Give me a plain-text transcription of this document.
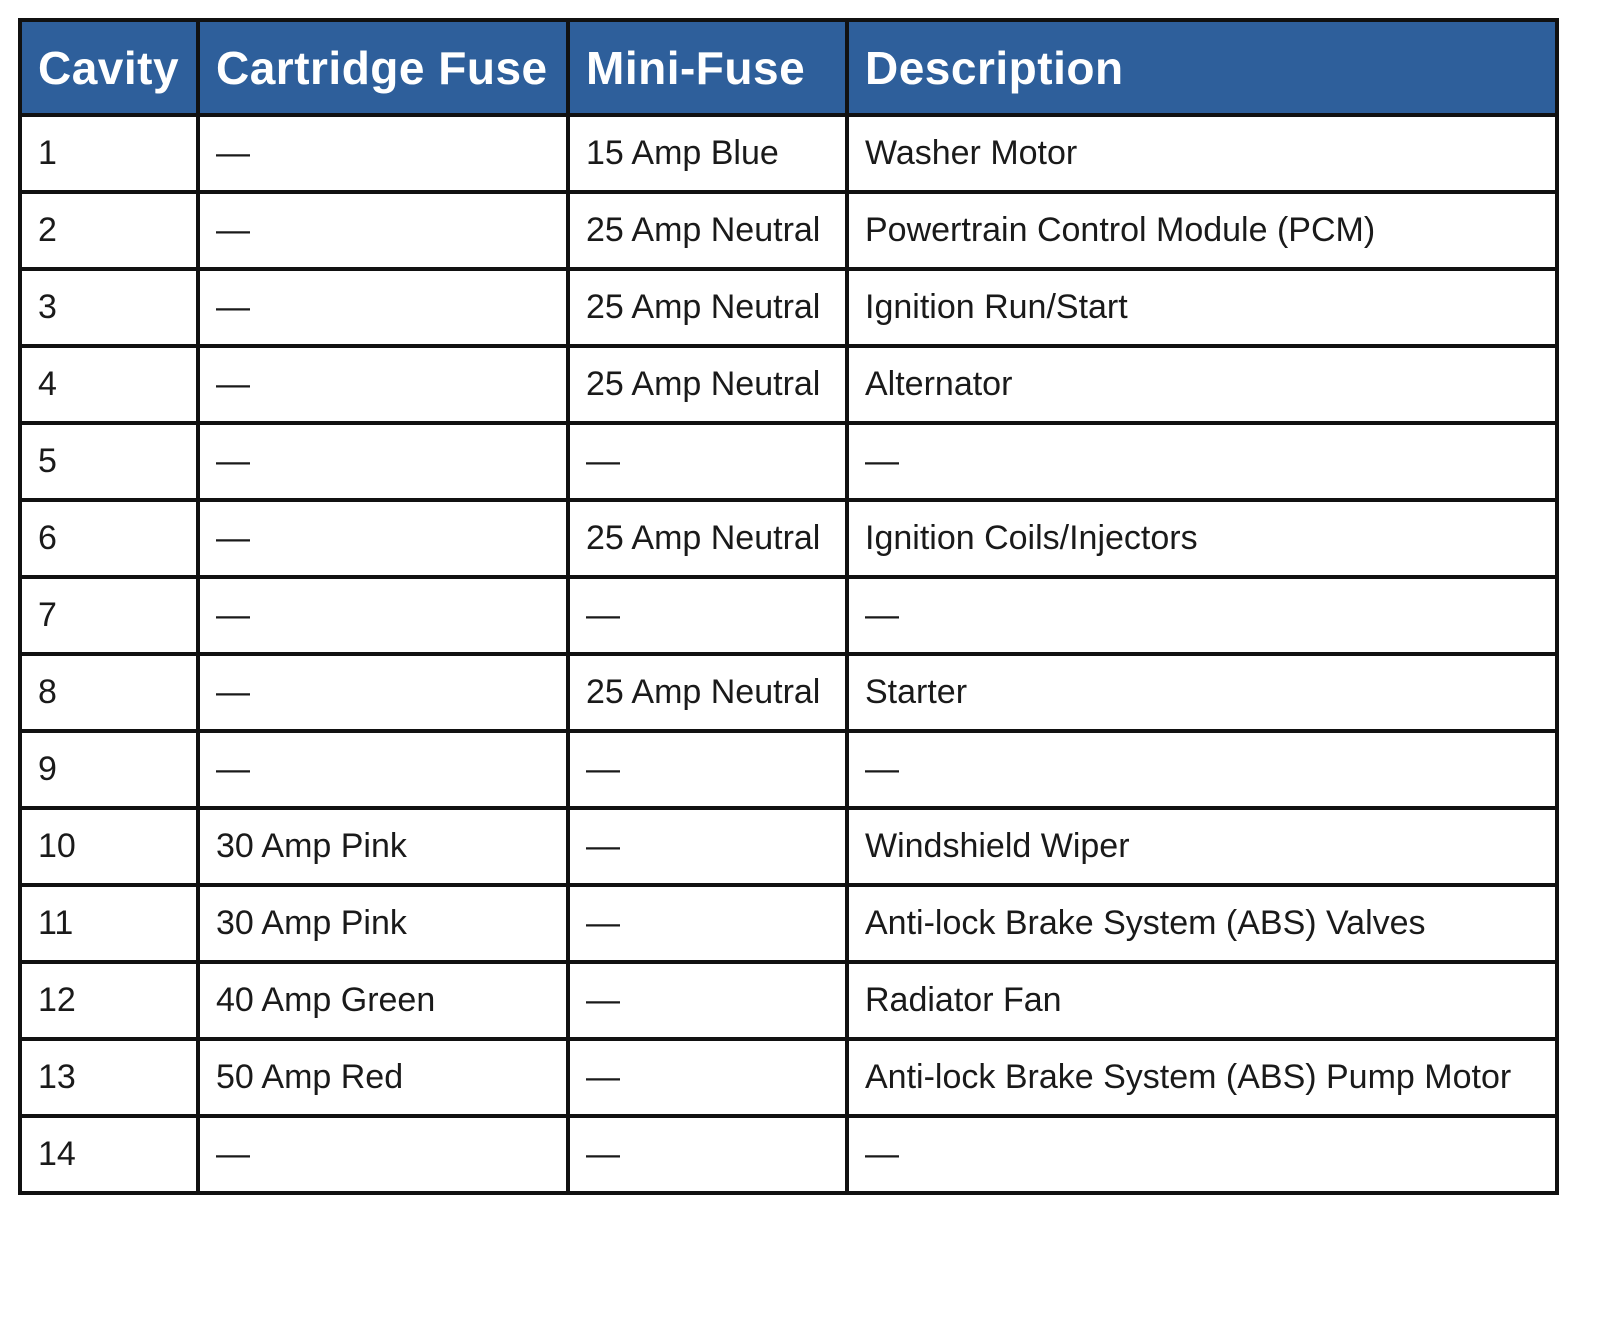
Cavity	Cartridge Fuse	Mini-Fuse	Description
1	—	15 Amp Blue	Washer Motor
2	—	25 Amp Neutral	Powertrain Control Module (PCM)
3	—	25 Amp Neutral	Ignition Run/Start
4	—	25 Amp Neutral	Alternator
5	—	—	—
6	—	25 Amp Neutral	Ignition Coils/Injectors
7	—	—	—
8	—	25 Amp Neutral	Starter
9	—	—	—
10	30 Amp Pink	—	Windshield Wiper
11	30 Amp Pink	—	Anti-lock Brake System (ABS) Valves
12	40 Amp Green	—	Radiator Fan
13	50 Amp Red	—	Anti-lock Brake System (ABS) Pump Motor
14	—	—	—
